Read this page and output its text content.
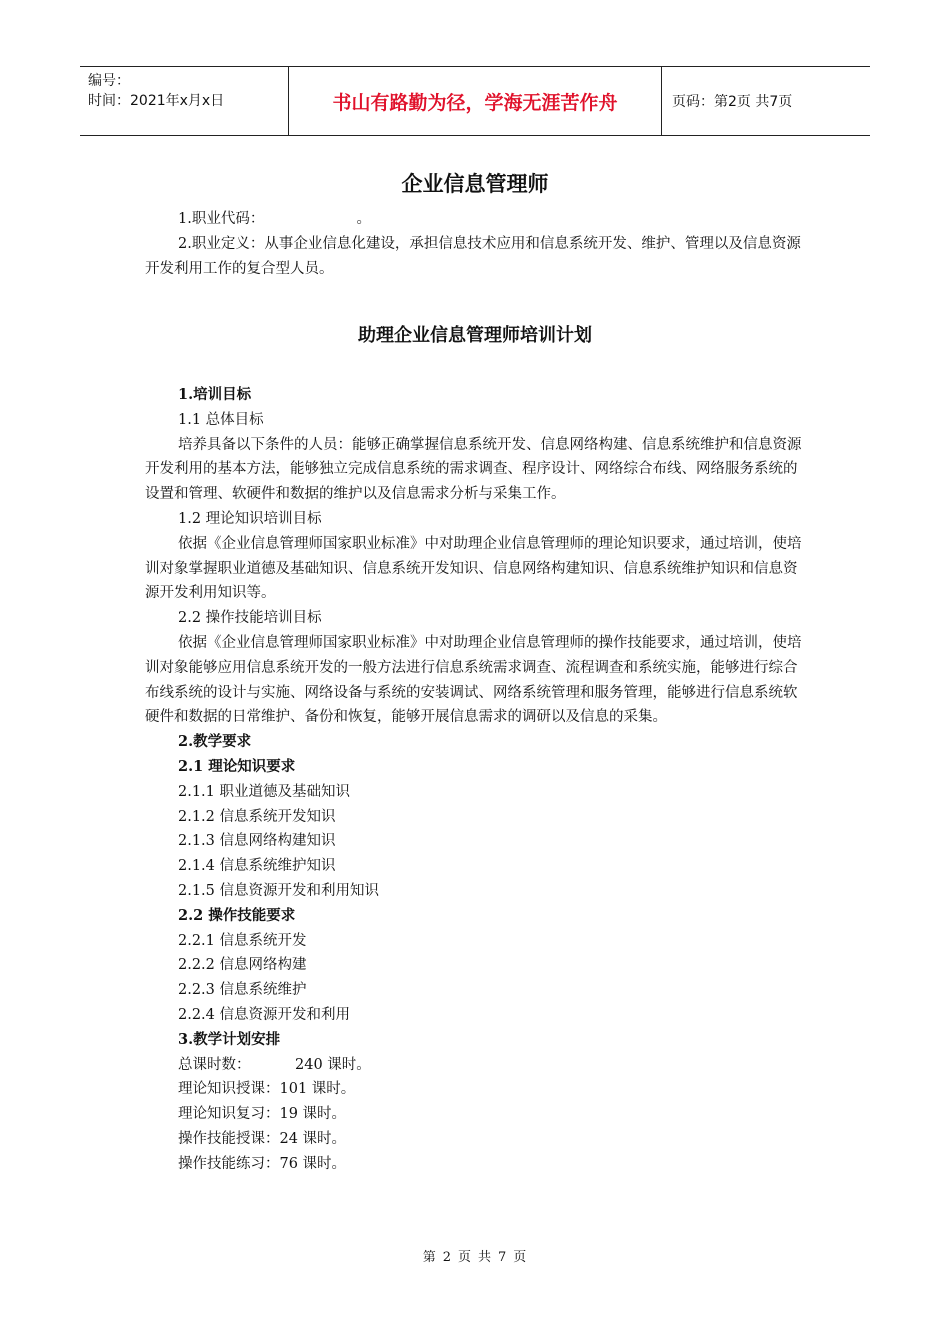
编号：
时间：2021年x月x日	书山有路勤为径，学海无涯苦作舟	页码：第2页 共7页
企业信息管理师

1.职业代码：                    。

2.职业定义：从事企业信息化建设，承担信息技术应用和信息系统开发、维护、管理以及信息资源开发利用工作的复合型人员。

助理企业信息管理师培训计划

1.培训目标

1.1 总体目标

培养具备以下条件的人员：能够正确掌握信息系统开发、信息网络构建、信息系统维护和信息资源开发利用的基本方法，能够独立完成信息系统的需求调查、程序设计、网络综合布线、网络服务系统的设置和管理、软硬件和数据的维护以及信息需求分析与采集工作。

1.2 理论知识培训目标

依据《企业信息管理师国家职业标准》中对助理企业信息管理师的理论知识要求，通过培训，使培训对象掌握职业道德及基础知识、信息系统开发知识、信息网络构建知识、信息系统维护知识和信息资源开发利用知识等。

2.2 操作技能培训目标

依据《企业信息管理师国家职业标准》中对助理企业信息管理师的操作技能要求，通过培训，使培训对象能够应用信息系统开发的一般方法进行信息系统需求调查、流程调查和系统实施，能够进行综合布线系统的设计与实施、网络设备与系统的安装调试、网络系统管理和服务管理，能够进行信息系统软硬件和数据的日常维护、备份和恢复，能够开展信息需求的调研以及信息的采集。

2.教学要求

2.1 理论知识要求

2.1.1 职业道德及基础知识

2.1.2 信息系统开发知识

2.1.3 信息网络构建知识

2.1.4 信息系统维护知识

2.1.5 信息资源开发和利用知识

2.2 操作技能要求

2.2.1 信息系统开发

2.2.2 信息网络构建

2.2.3 信息系统维护

2.2.4 信息资源开发和利用

3.教学计划安排

总课时数：	240 课时。
理论知识授课： 101 课时。
理论知识复习： 19 课时。
操作技能授课： 24 课时。
操作技能练习： 76 课时。
第 2 页 共 7 页
